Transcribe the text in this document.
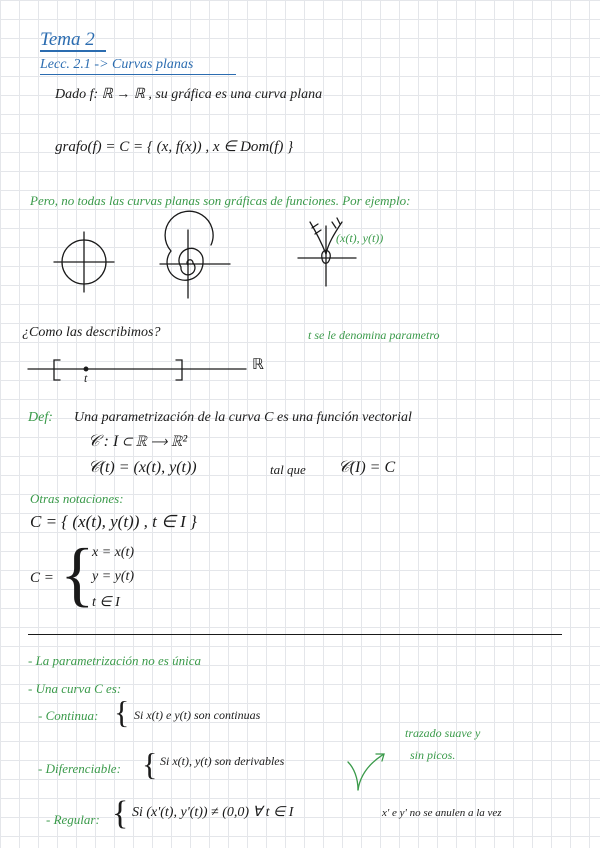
Tema 2
Lecc. 2.1 -> Curvas planas
Dado f: ℝ → ℝ , su gráfica es una curva plana
grafo(f) = C = { (x, f(x)) , x ∈ Dom(f) }
Pero, no todas las curvas planas son gráficas de funciones. Por ejemplo:
(x(t), y(t))
¿Como las describimos?	t se le denomina parametro
t
ℝ
Def: Una parametrización de la curva C es una función vectorial
𝒞 : I ⊂ ℝ ⟶ ℝ²
𝒞(t) = (x(t), y(t))	tal que 𝒞(I) = C
Otras notaciones:
C = { (x(t), y(t)) , t ∈ I }
C = {
x = x(t)
y = y(t)
t ∈ I
- La parametrización no es única
- Una curva C es:
- Continua: { Si x(t) e y(t) son continuas
- Diferenciable: { Si x(t), y(t) son derivables
trazado suave y
sin picos.
- Regular: { Si (x'(t), y'(t)) ≠ (0,0) ∀ t ∈ I	x' e y' no se anulen a la vez
